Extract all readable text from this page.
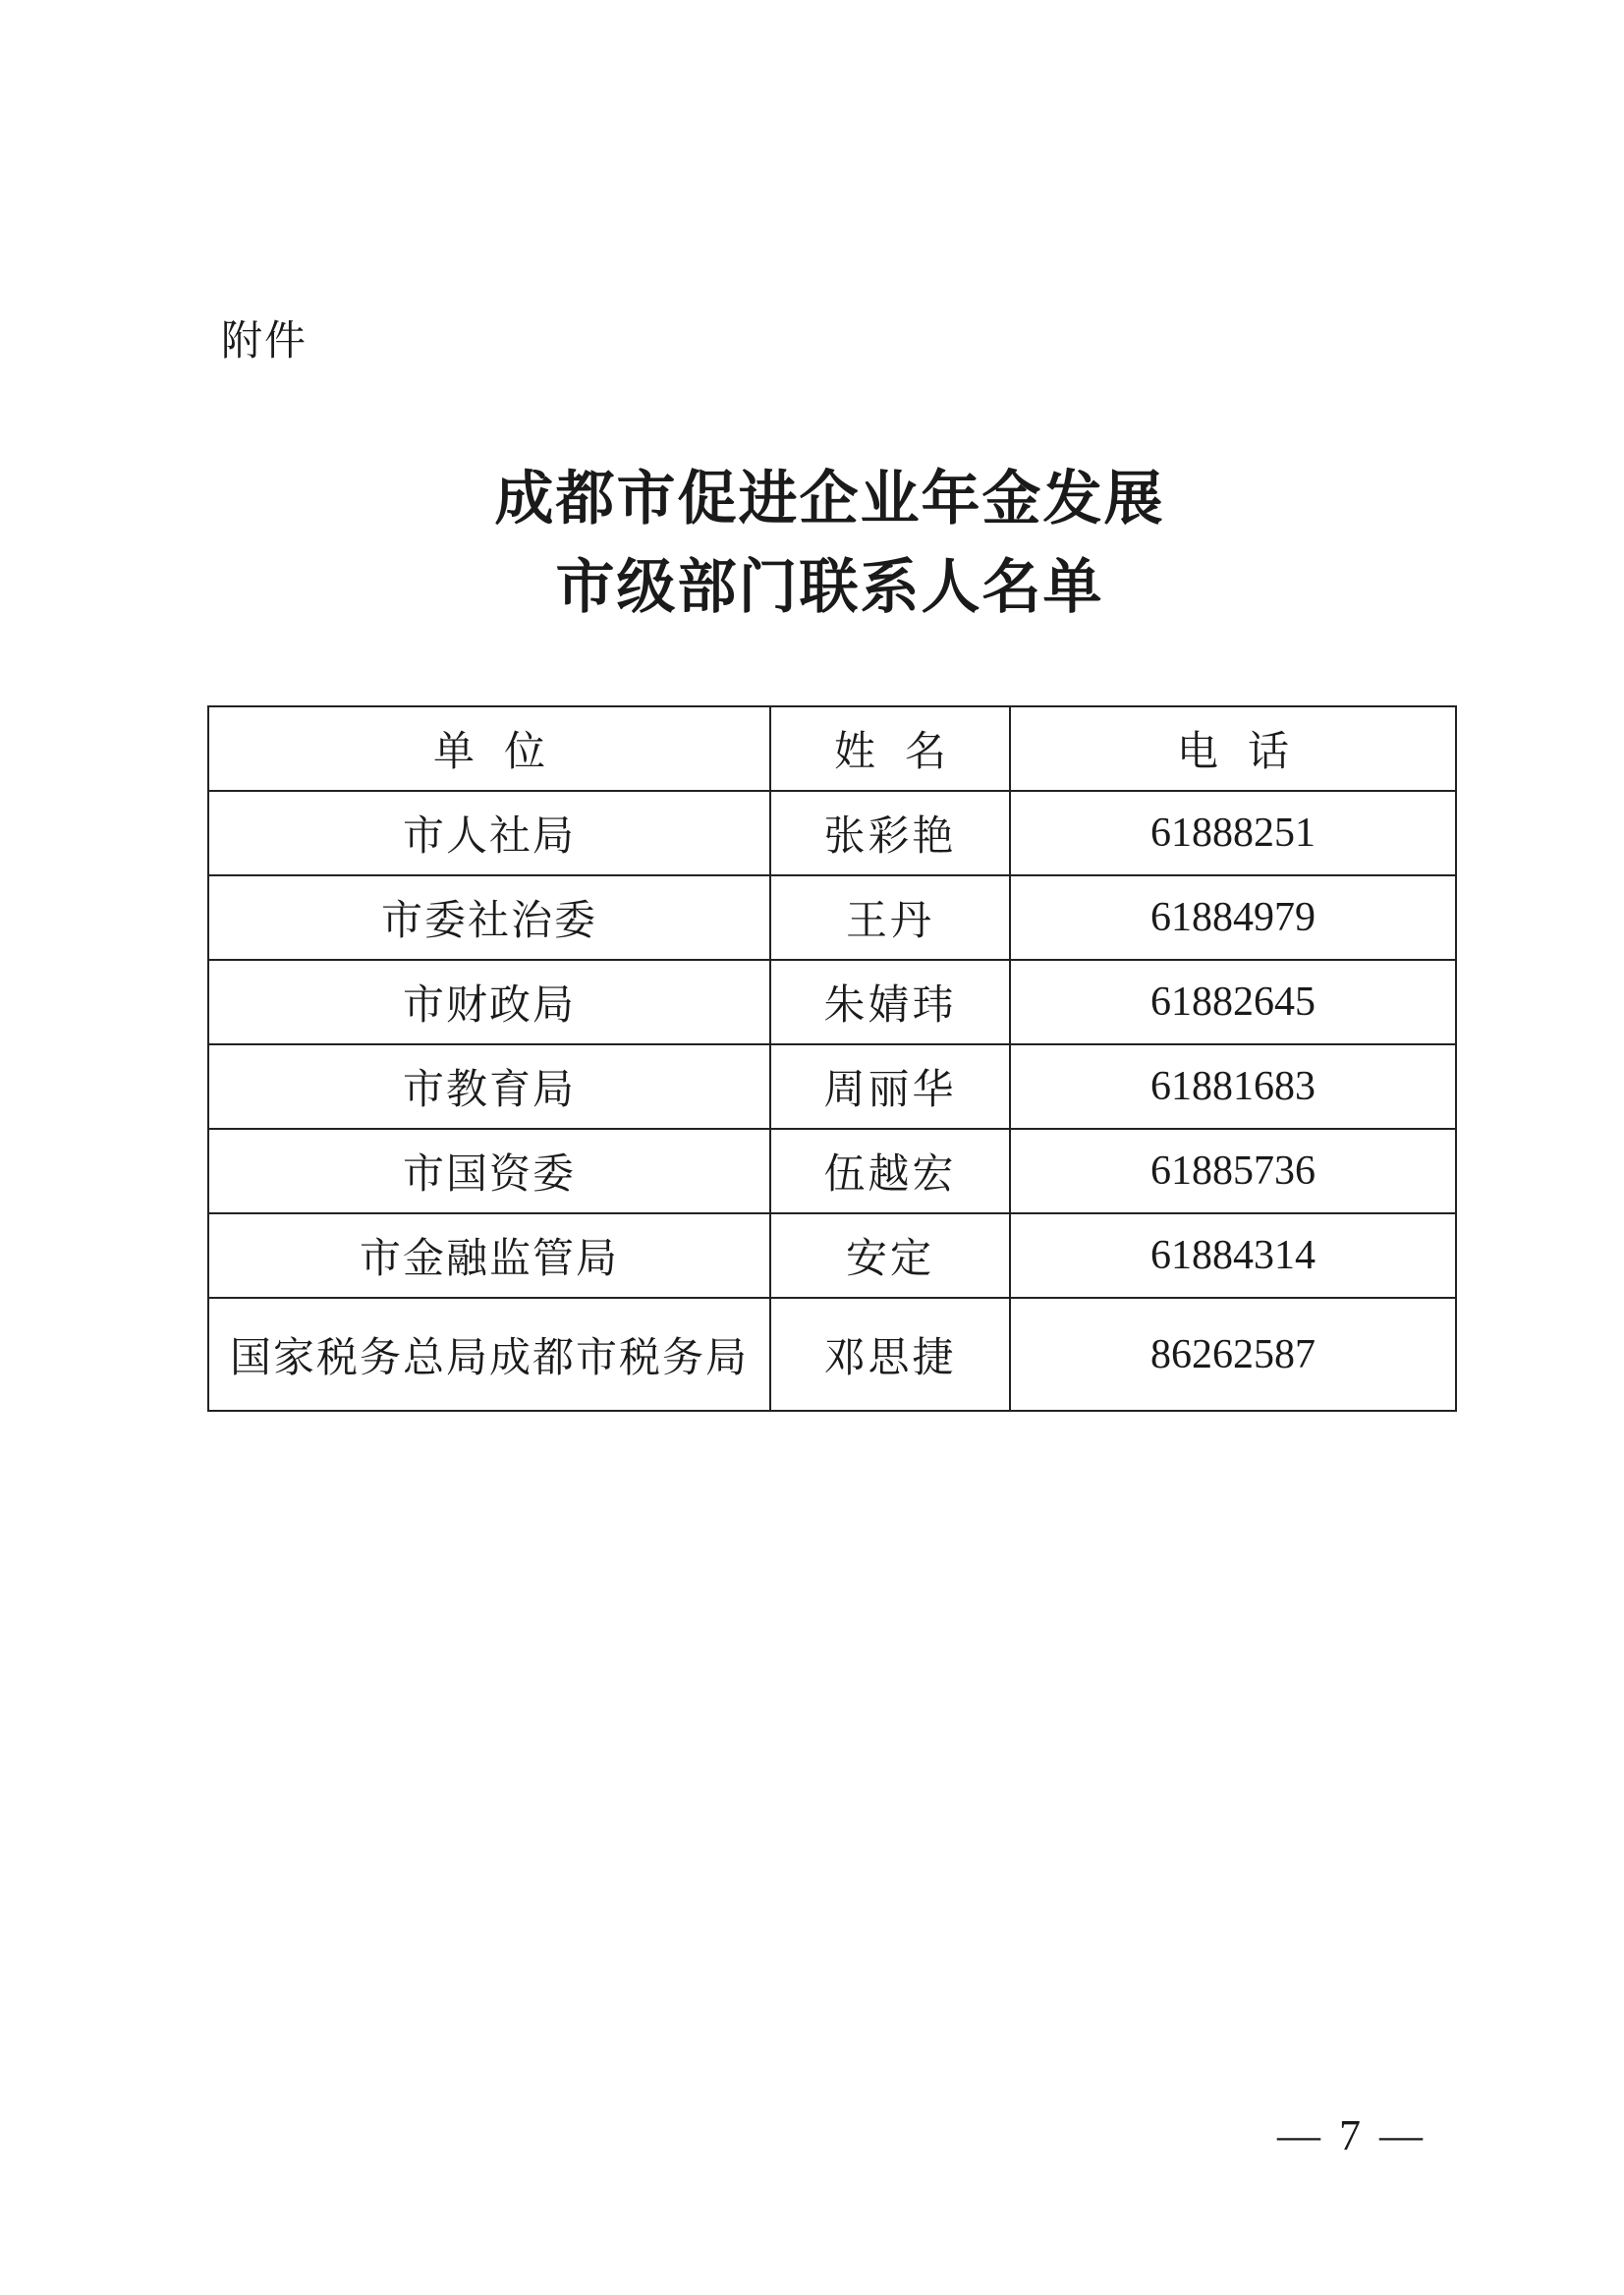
附件
成都市促进企业年金发展
市级部门联系人名单
单位	姓名	电话
市人社局	张彩艳	61888251
市委社治委	王丹	61884979
市财政局	朱婧玮	61882645
市教育局	周丽华	61881683
市国资委	伍越宏	61885736
市金融监管局	安定	61884314
国家税务总局成都市税务局	邓思捷	86262587
— 7 —
